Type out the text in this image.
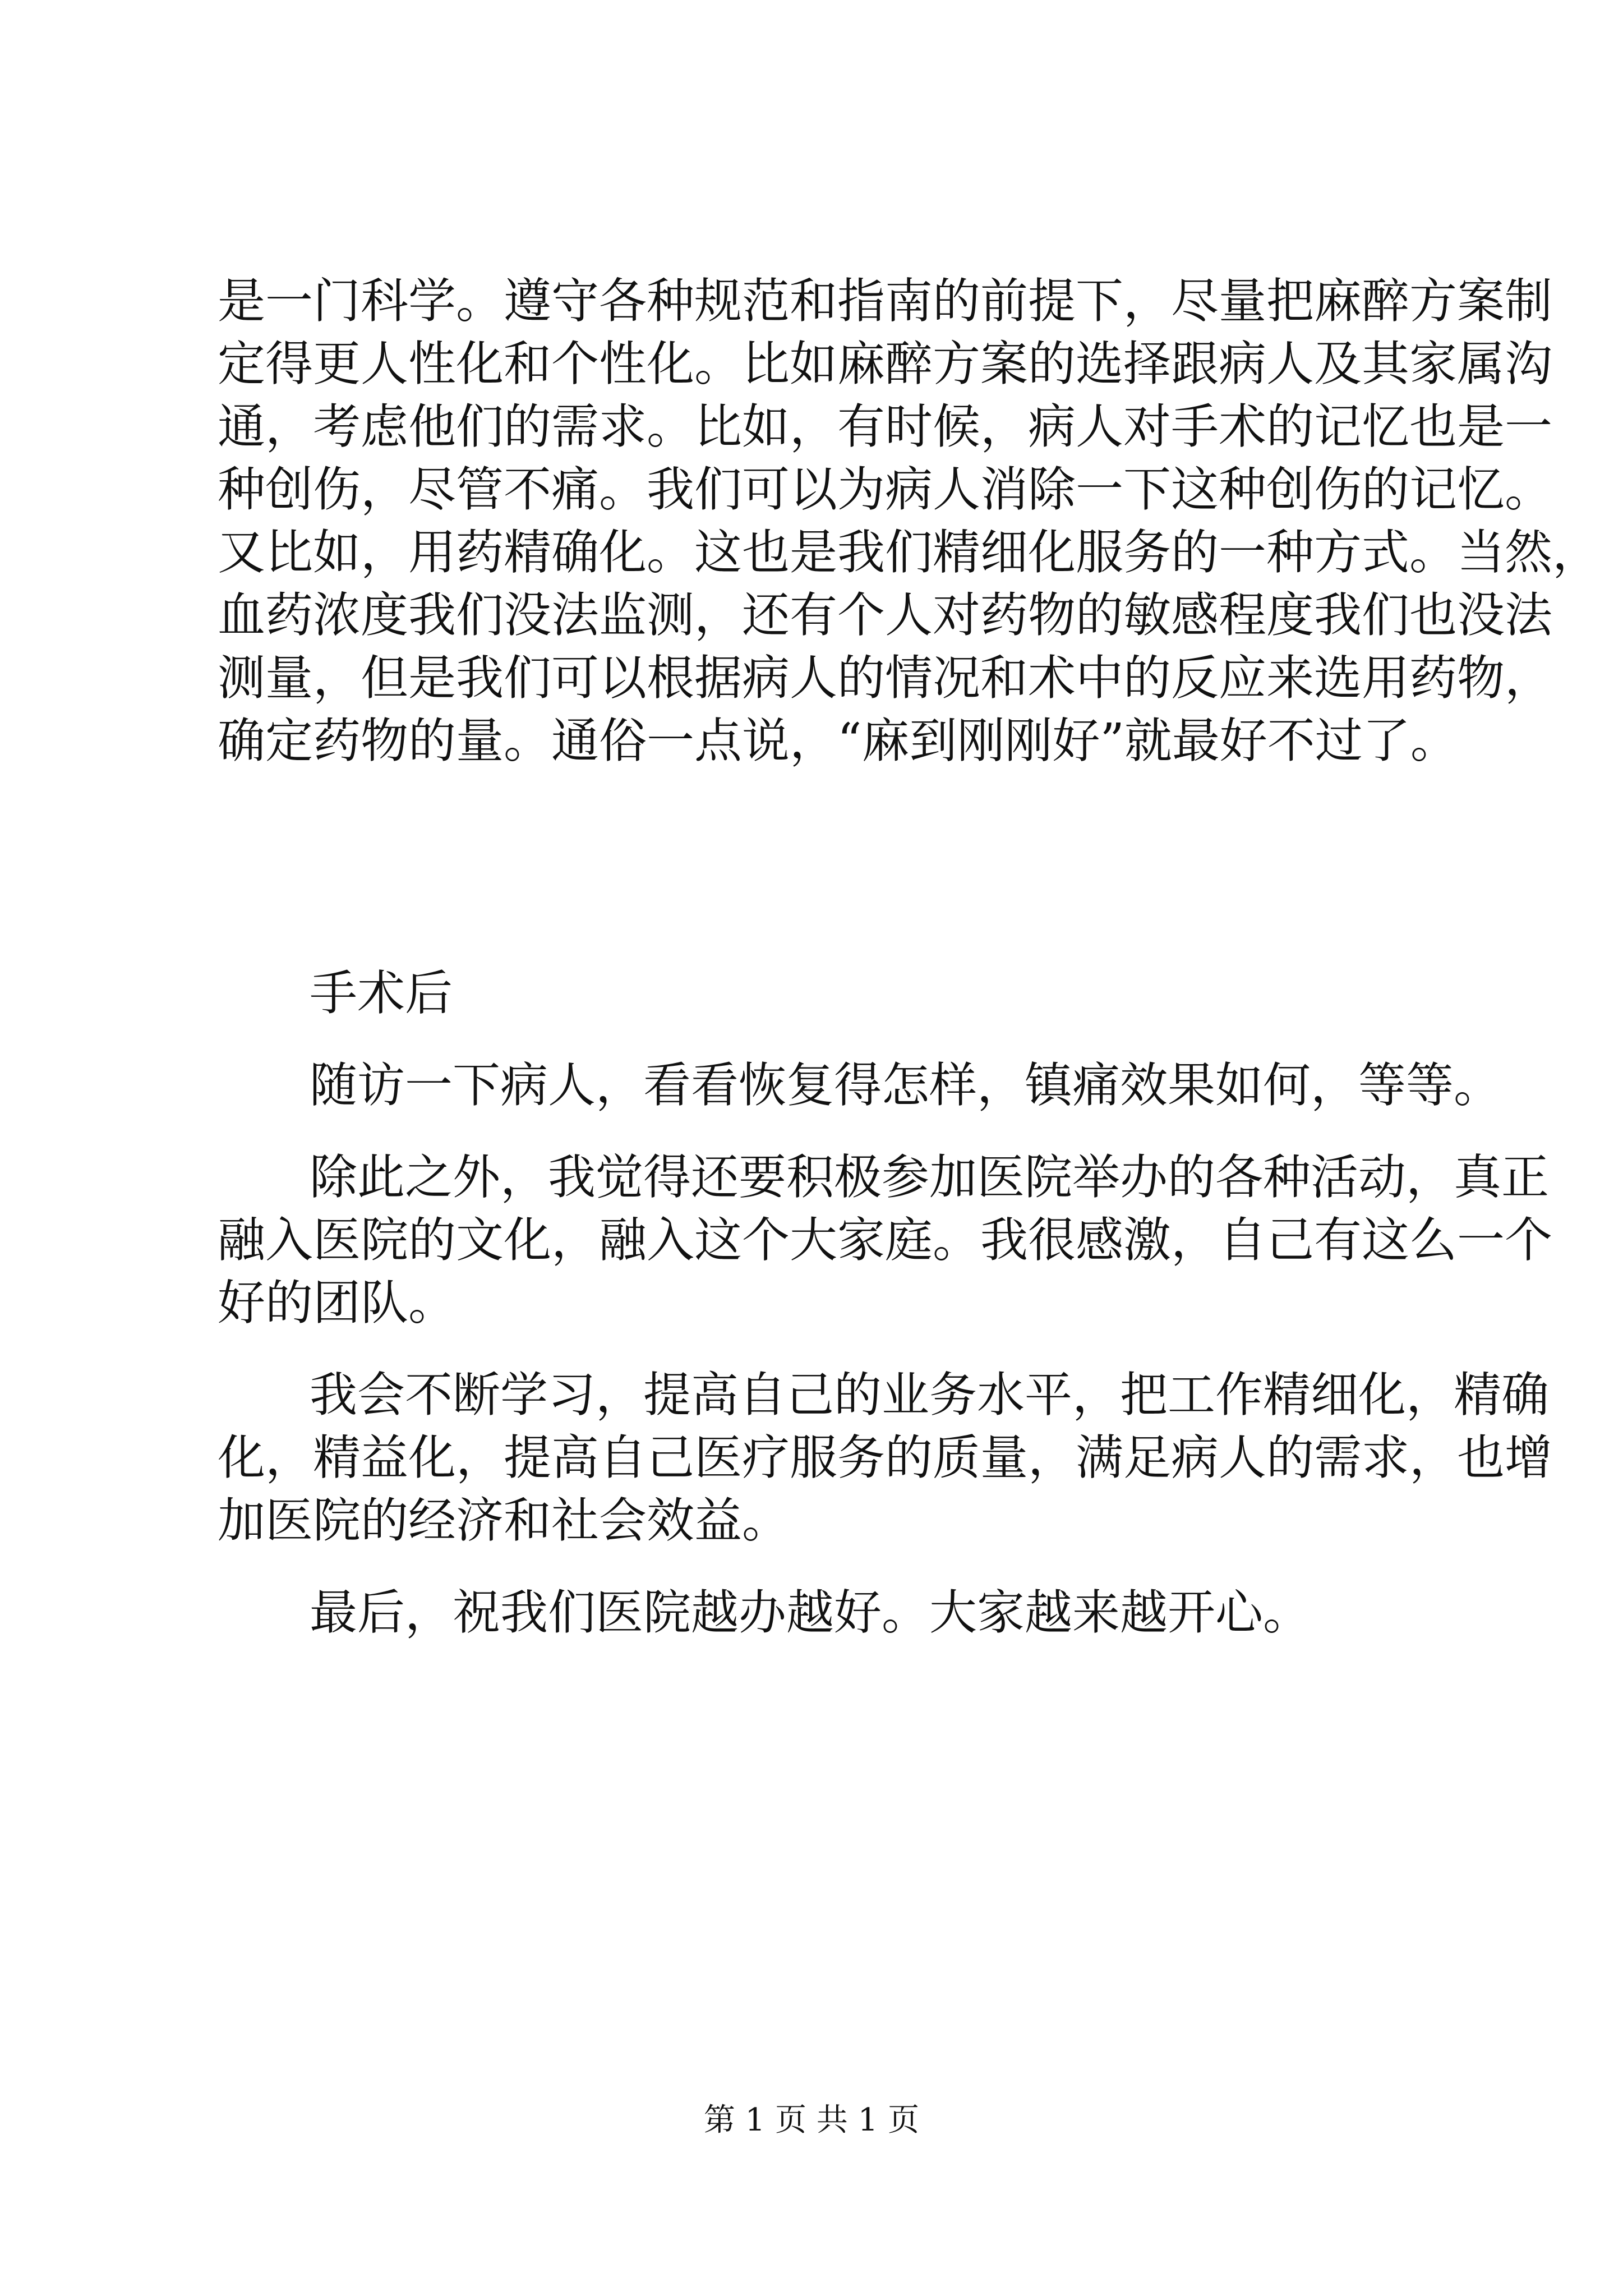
是一门科学。遵守各种规范和指南的前提下，尽量把麻醉方案制
定得更人性化和个性化。比如麻醉方案的选择跟病人及其家属沟
通，考虑他们的需求。比如，有时候，病人对手术的记忆也是一
种创伤，尽管不痛。我们可以为病人消除一下这种创伤的记忆。
又比如，用药精确化。这也是我们精细化服务的一种方式。当然，
血药浓度我们没法监测，还有个人对药物的敏感程度我们也没法
测量，但是我们可以根据病人的情况和术中的反应来选用药物，
确定药物的量。通俗一点说，“麻到刚刚好”就最好不过了。
手术后
随访一下病人，看看恢复得怎样，镇痛效果如何，等等。
除此之外，我觉得还要积极参加医院举办的各种活动，真正
融入医院的文化，融入这个大家庭。我很感激，自己有这么一个
好的团队。
我会不断学习，提高自己的业务水平，把工作精细化，精确
化，精益化，提高自己医疗服务的质量，满足病人的需求，也增
加医院的经济和社会效益。
最后，祝我们医院越办越好。大家越来越开心。
第 1 页 共 1 页
